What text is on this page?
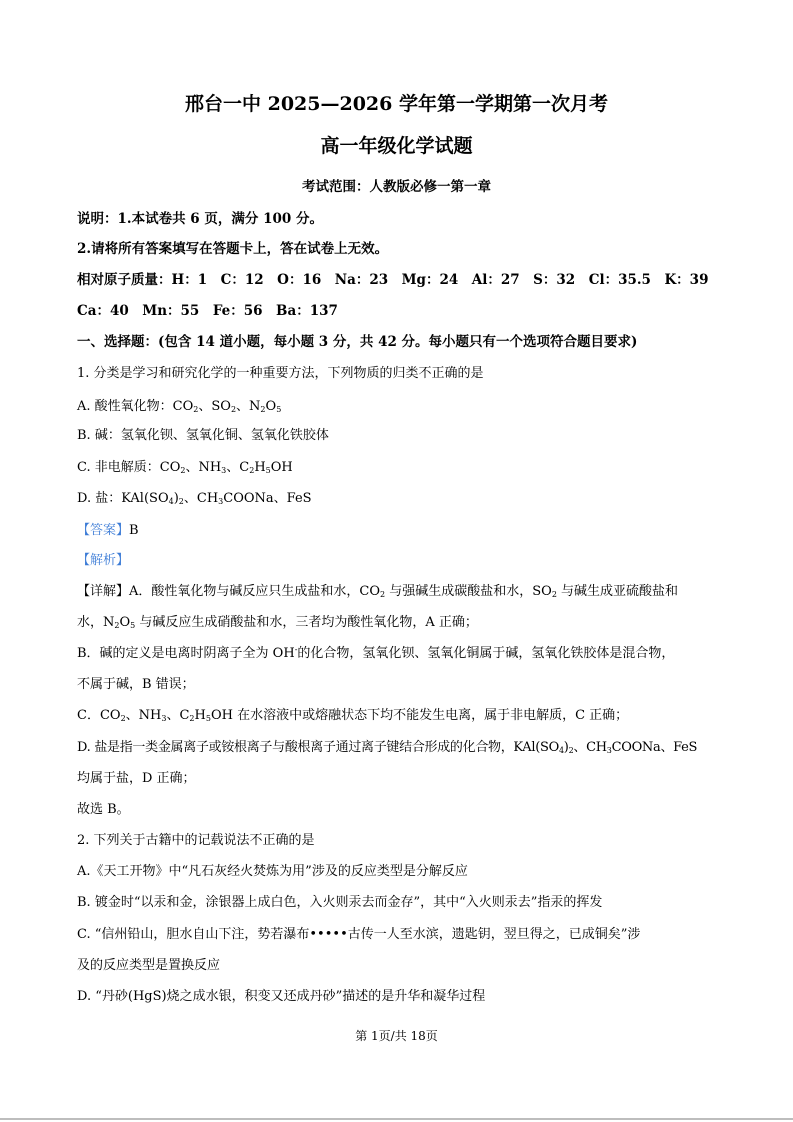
邢台一中 2025—2026 学年第一学期第一次月考
高一年级化学试题
考试范围：人教版必修一第一章
说明：1.本试卷共 6 页，满分 100 分。
2.请将所有答案填写在答题卡上，答在试卷上无效。
相对原子质量：H：1　C：12　O：16　Na：23　Mg：24　Al：27　S：32　Cl：35.5　K：39
Ca：40　Mn：55　Fe：56　Ba：137
一、选择题：(包含 14 道小题，每小题 3 分，共 42 分。每小题只有一个选项符合题目要求)
1. 分类是学习和研究化学的一种重要方法，下列物质的归类不正确的是
A. 酸性氧化物：$CO_2$、$SO_2$、$N_2O_5$
B. 碱：氢氧化钡、氢氧化铜、氢氧化铁胶体
C. 非电解质：$CO_2$、$NH_3$、$C_2H_5OH$
D. 盐：$KAl(SO_4)_2$、$CH_3COONa$、FeS
【答案】B
【解析】
【详解】A．酸性氧化物与碱反应只生成盐和水，$CO_2$ 与强碱生成碳酸盐和水，$SO_2$ 与碱生成亚硫酸盐和
水，$N_2O_5$ 与碱反应生成硝酸盐和水，三者均为酸性氧化物，A 正确；
B．碱的定义是电离时阴离子全为 OH-的化合物，氢氧化钡、氢氧化铜属于碱，氢氧化铁胶体是混合物，
不属于碱，B 错误；
C．$CO_2$、$NH_3$、$C_2H_5OH$ 在水溶液中或熔融状态下均不能发生电离，属于非电解质，C 正确；
D. 盐是指一类金属离子或铵根离子与酸根离子通过离子键结合形成的化合物，$KAl(SO_4)_2$、$CH_3COONa$、FeS
均属于盐，D 正确；
故选 B。
2. 下列关于古籍中的记载说法不正确的是
A.《天工开物》中“凡石灰经火焚炼为用”涉及的反应类型是分解反应
B. 镀金时“以汞和金，涂银器上成白色，入火则汞去而金存”，其中“入火则汞去”指汞的挥发
C. “信州铅山，胆水自山下注，势若瀑布•••••古传一人至水滨，遗匙钥，翌旦得之，已成铜矣”涉
及的反应类型是置换反应
D. “丹砂(HgS)烧之成水银，积变又还成丹砂”描述的是升华和凝华过程
第 1页/共 18页
